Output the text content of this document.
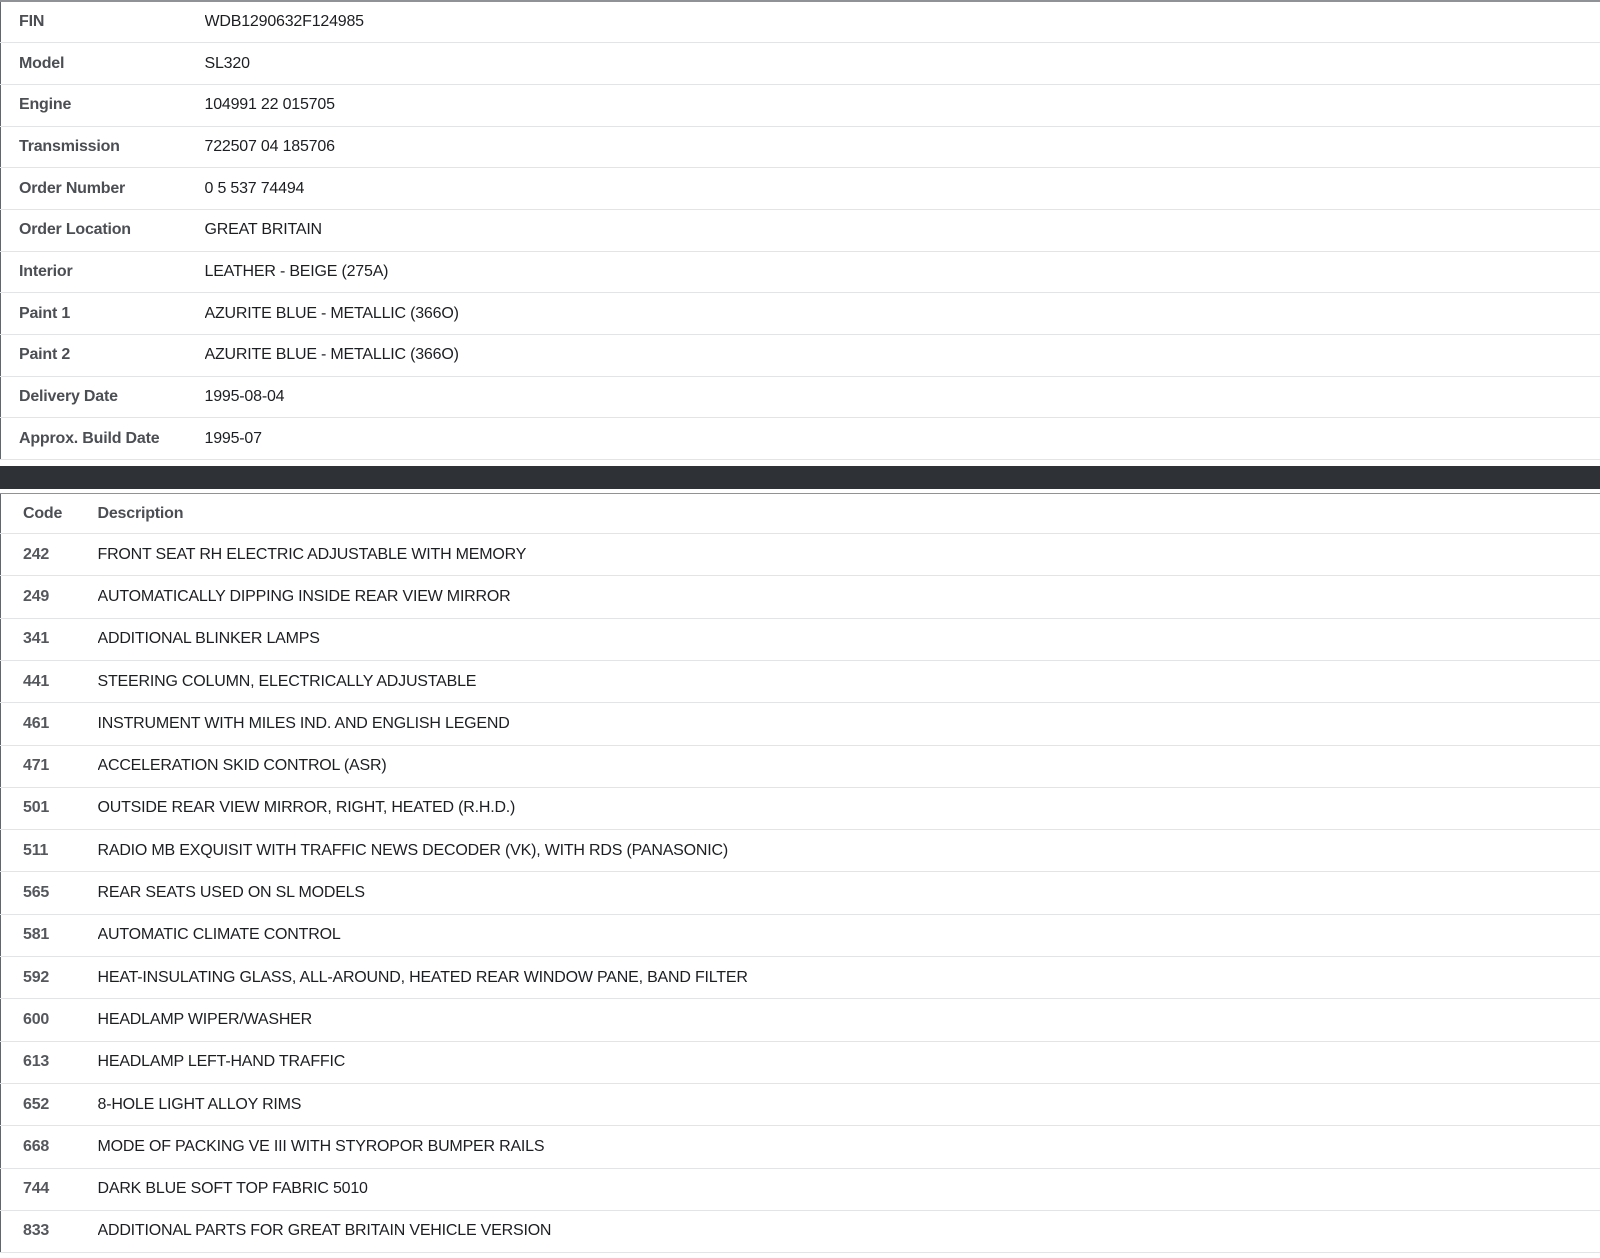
FIN	WDB1290632F124985
Model	SL320
Engine	104991 22 015705
Transmission	722507 04 185706
Order Number	0 5 537 74494
Order Location	GREAT BRITAIN
Interior	LEATHER - BEIGE (275A)
Paint 1	AZURITE BLUE - METALLIC (366O)
Paint 2	AZURITE BLUE - METALLIC (366O)
Delivery Date	1995-08-04
Approx. Build Date	1995-07
Code	Description
242	FRONT SEAT RH ELECTRIC ADJUSTABLE WITH MEMORY
249	AUTOMATICALLY DIPPING INSIDE REAR VIEW MIRROR
341	ADDITIONAL BLINKER LAMPS
441	STEERING COLUMN, ELECTRICALLY ADJUSTABLE
461	INSTRUMENT WITH MILES IND. AND ENGLISH LEGEND
471	ACCELERATION SKID CONTROL (ASR)
501	OUTSIDE REAR VIEW MIRROR, RIGHT, HEATED (R.H.D.)
511	RADIO MB EXQUISIT WITH TRAFFIC NEWS DECODER (VK), WITH RDS (PANASONIC)
565	REAR SEATS USED ON SL MODELS
581	AUTOMATIC CLIMATE CONTROL
592	HEAT-INSULATING GLASS, ALL-AROUND, HEATED REAR WINDOW PANE, BAND FILTER
600	HEADLAMP WIPER/WASHER
613	HEADLAMP LEFT-HAND TRAFFIC
652	8-HOLE LIGHT ALLOY RIMS
668	MODE OF PACKING VE III WITH STYROPOR BUMPER RAILS
744	DARK BLUE SOFT TOP FABRIC 5010
833	ADDITIONAL PARTS FOR GREAT BRITAIN VEHICLE VERSION
